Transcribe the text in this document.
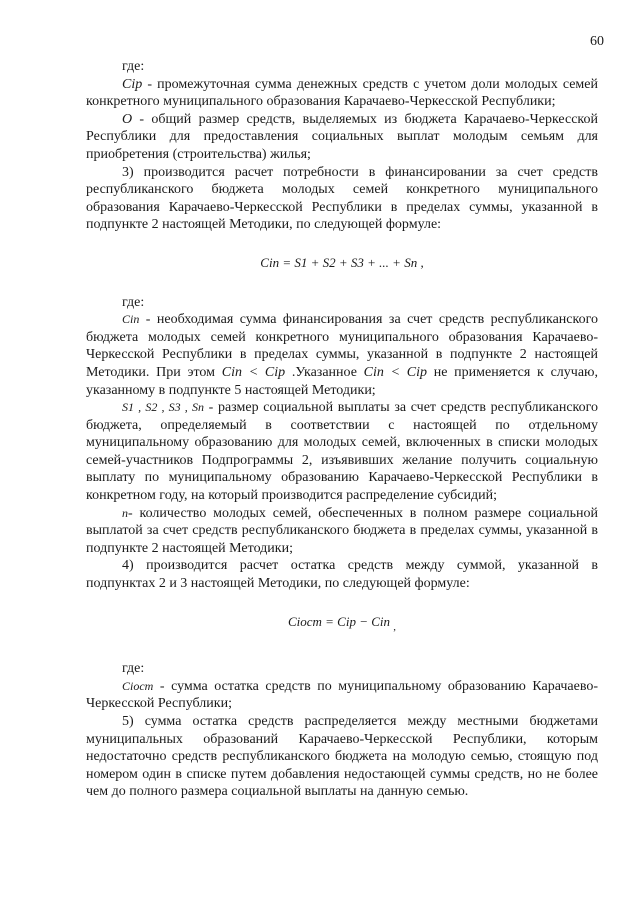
60

где:

Cip - промежуточная сумма денежных средств с учетом доли молодых семей конкретного муниципального образования Карачаево-Черкесской Республики;

O - общий размер средств, выделяемых из бюджета Карачаево-Черкесской Республики для предоставления социальных выплат молодым семьям для приобретения (строительства) жилья;

3) производится расчет потребности в финансировании за счет средств республиканского бюджета молодых семей конкретного муниципального образования Карачаево-Черкесской Республики в пределах суммы, указанной в подпункте 2 настоящей Методики, по следующей формуле:

Cin = S1 + S2 + S3 + ... + Sn ,

где:

Cin - необходимая сумма финансирования за счет средств республиканского бюджета молодых семей конкретного муниципального образования Карачаево-Черкесской Республики в пределах суммы, указанной в подпункте 2 настоящей Методики. При этом Cin < Cip .Указанное Cin < Cip не применяется к случаю, указанному в подпункте 5 настоящей Методики;

S1 , S2 , S3 , Sn - размер социальной выплаты за счет средств республиканского бюджета, определяемый в соответствии с настоящей по отдельному муниципальному образованию для молодых семей, включенных в списки молодых семей-участников Подпрограммы 2, изъявивших желание получить социальную выплату по муниципальному образованию Карачаево-Черкесской Республики в конкретном году, на который производится распределение субсидий;

n- количество молодых семей, обеспеченных в полном размере социальной выплатой за счет средств республиканского бюджета в пределах суммы, указанной в подпункте 2 настоящей Методики;

4) производится расчет остатка средств между суммой, указанной в подпунктах 2 и 3 настоящей Методики, по следующей формуле:

Ciocm = Cip − Cin $_,$

где:

Ciocm - сумма остатка средств по муниципальному образованию Карачаево-Черкесской Республики;

5) сумма остатка средств распределяется между местными бюджетами муниципальных образований Карачаево-Черкесской Республики, которым недостаточно средств республиканского бюджета на молодую семью, стоящую под номером один в списке путем добавления недостающей суммы средств, но не более чем до полного размера социальной выплаты на данную семью.
